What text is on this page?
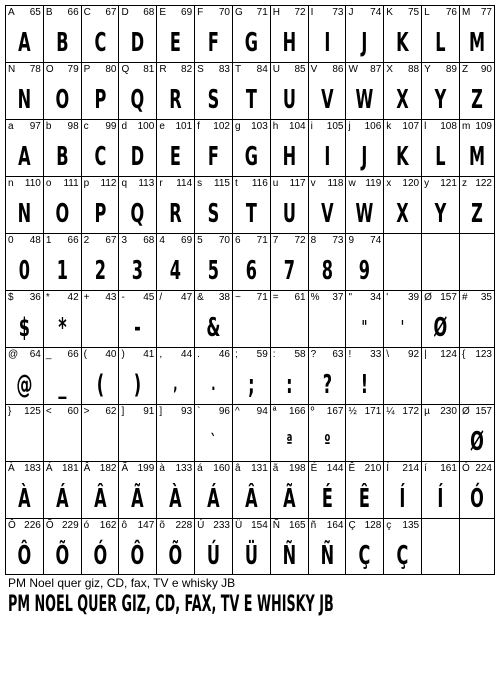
A 65
A
B 66
B
C 67
C
D 68
D
E 69
E
F 70
F
G 71
G
H 72
H
I 73
I
J 74
J
K 75
K
L 76
L
M 77
M
N 78
N
O 79
O
P 80
P
Q 81
Q
R 82
R
S 83
S
T 84
T
U 85
U
V 86
V
W 87
W
X 88
X
Y 89
Y
Z 90
Z
a 97
A
b 98
B
c 99
C
d 100
D
e 101
E
f 102
F
g 103
G
h 104
H
i 105
I
j 106
J
k 107
K
l 108
L
m 109
M
n 110
N
o 111
O
p 112
P
q 113
Q
r 114
R
s 115
S
t 116
T
u 117
U
v 118
V
w 119
W
x 120
X
y 121
Y
z 122
Z
0 48
0
1 66
1
2 67
2
3 68
3
4 69
4
5 70
5
6 71
6
7 72
7
8 73
8
9 74
9
$ 36
$
* 42
*
+ 43 - 45
-
/ 47 & 38
&
~ 71 = 61 % 37 " 34
"
' 39
'
Ø 157
Ø
# 35
@ 64
@
_ 66
_
( 40
(
) 41
)
, 44
,
. 46
.
; 59
;
: 58
:
? 63
?
! 33
!
\ 92 | 124 { 123
} 125 < 60 > 62 ] 91 ] 93 ` 96
`
^ 94 ª 166
ª
º 167
º
½ 171 ¼ 172 µ 230 Ø 157
Ø
À 183
À
Á 181
Á
Â 182
Â
Ã 199
Ã
à 133
À
á 160
Á
â 131
Â
ã 198
Ã
É 144
É
Ê 210
Ê
Í 214
Í
í 161
Í
Ó 224
Ó
Ô 226
Ô
Õ 229
Õ
ó 162
Ó
ô 147
Ô
õ 228
Õ
Ú 233
Ú
Ü 154
Ü
Ñ 165
Ñ
ñ 164
Ñ
Ç 128
Ç
ç 135
Ç
PM Noel quer giz, CD, fax, TV e whisky JB
PM NOEL QUER GIZ, CD, FAX, TV E WHISKY JB
